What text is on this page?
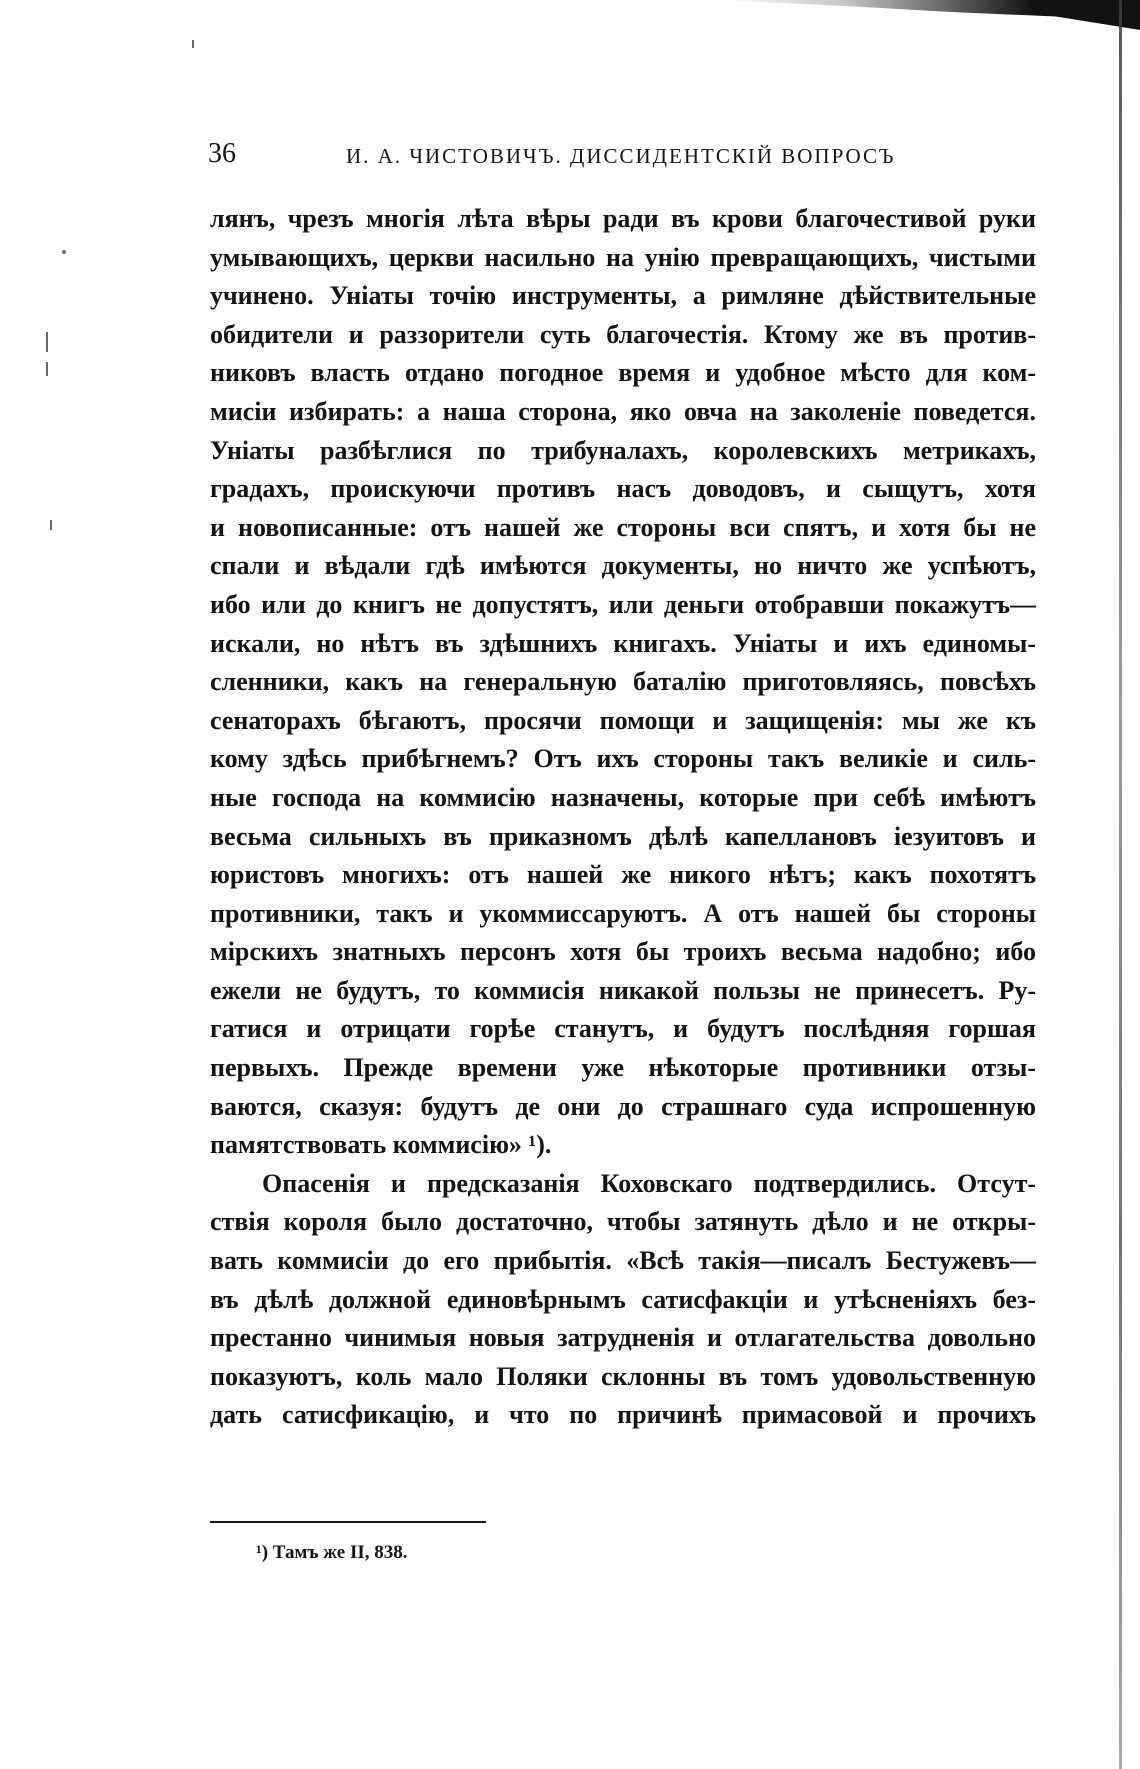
36	И. А. ЧИСТОВИЧЪ. ДИССИДЕНТСКІЙ ВОПРОСЪ
лянъ, чрезъ многія лѣта вѣры ради въ крови благочестивой руки
умывающихъ, церкви насильно на унію превращающихъ, чистыми
учинено. Уніаты точію инструменты, а римляне дѣйствительные
обидители и раззорители суть благочестія. Ктому же въ против-
никовъ власть отдано погодное время и удобное мѣсто для ком-
мисіи избирать: а наша сторона, яко овча на заколеніе поведется.
Уніаты разбѣглися по трибуналахъ, королевскихъ метрикахъ,
градахъ, проискуючи противъ насъ доводовъ, и сыщутъ, хотя
и новописанные: отъ нашей же стороны вси спятъ, и хотя бы не
спали и вѣдали гдѣ имѣются документы, но ничто же успѣютъ,
ибо или до книгъ не допустятъ, или деньги отобравши покажутъ—
искали, но нѣтъ въ здѣшнихъ книгахъ. Уніаты и ихъ единомы-
сленники, какъ на генеральную баталію приготовляясь, повсѣхъ
сенаторахъ бѣгаютъ, просячи помощи и защищенія: мы же къ
кому здѣсь прибѣгнемъ? Отъ ихъ стороны такъ великіе и силь-
ные господа на коммисію назначены, которые при себѣ имѣютъ
весьма сильныхъ въ приказномъ дѣлѣ капеллановъ іезуитовъ и
юристовъ многихъ: отъ нашей же никого нѣтъ; какъ похотятъ
противники, такъ и укоммиссаруютъ. А отъ нашей бы стороны
мірскихъ знатныхъ персонъ хотя бы троихъ весьма надобно; ибо
ежели не будутъ, то коммисія никакой пользы не принесетъ. Ру-
гатися и отрицати горѣе станутъ, и будутъ послѣдняя горшая
первыхъ. Прежде времени уже нѣкоторые противники отзы-
ваются, сказуя: будутъ де они до страшнаго суда испрошенную
памятствовать коммисію» ¹).
Опасенія и предсказанія Коховскаго подтвердились. Отсут-
ствія короля было достаточно, чтобы затянуть дѣло и не откры-
вать коммисіи до его прибытія. «Всѣ такія—писалъ Бестужевъ—
въ дѣлѣ должной единовѣрнымъ сатисфакціи и утѣсненіяхъ без-
престанно чинимыя новыя затрудненія и отлагательства довольно
показуютъ, коль мало Поляки склонны въ томъ удовольственную
дать сатисфикацію, и что по причинѣ примасовой и прочихъ
¹) Тамъ же II, 838.
